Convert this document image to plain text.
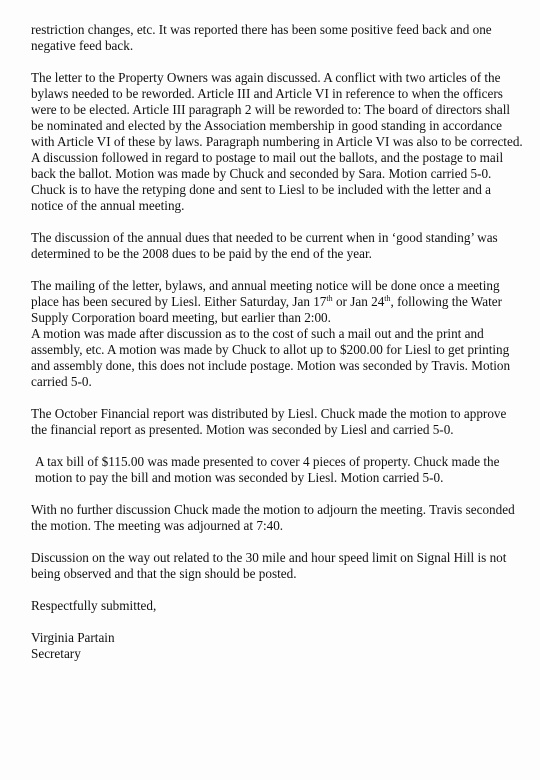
restriction changes, etc. It was reported there has been some positive feed back and one negative feed back.

The letter to the Property Owners was again discussed. A conflict with two articles of the bylaws needed to be reworded. Article III and Article VI in reference to when the officers were to be elected. Article III paragraph 2 will be reworded to: The board of directors shall be nominated and elected by the Association membership in good standing in accordance with Article VI of these by laws. Paragraph numbering in Article VI was also to be corrected. A discussion followed in regard to postage to mail out the ballots, and the postage to mail back the ballot. Motion was made by Chuck and seconded by Sara. Motion carried 5-0. Chuck is to have the retyping done and sent to Liesl to be included with the letter and a notice of the annual meeting.

The discussion of the annual dues that needed to be current when in ‘good standing’ was determined to be the 2008 dues to be paid by the end of the year.

The mailing of the letter, bylaws, and annual meeting notice will be done once a meeting place has been secured by Liesl. Either Saturday, Jan 17th or Jan 24th, following the Water Supply Corporation board meeting, but earlier than 2:00.
A motion was made after discussion as to the cost of such a mail out and the print and assembly, etc. A motion was made by Chuck to allot up to $200.00 for Liesl to get printing and assembly done, this does not include postage. Motion was seconded by Travis. Motion carried 5-0.

The October Financial report was distributed by Liesl. Chuck made the motion to approve the financial report as presented. Motion was seconded by Liesl and carried 5-0.

A tax bill of $115.00 was made presented to cover 4 pieces of property. Chuck made the motion to pay the bill and motion was seconded by Liesl. Motion carried 5-0.

With no further discussion Chuck made the motion to adjourn the meeting. Travis seconded the motion. The meeting was adjourned at 7:40.

Discussion on the way out related to the 30 mile and hour speed limit on Signal Hill is not being observed and that the sign should be posted.

Respectfully submitted,

Virginia Partain

Secretary
